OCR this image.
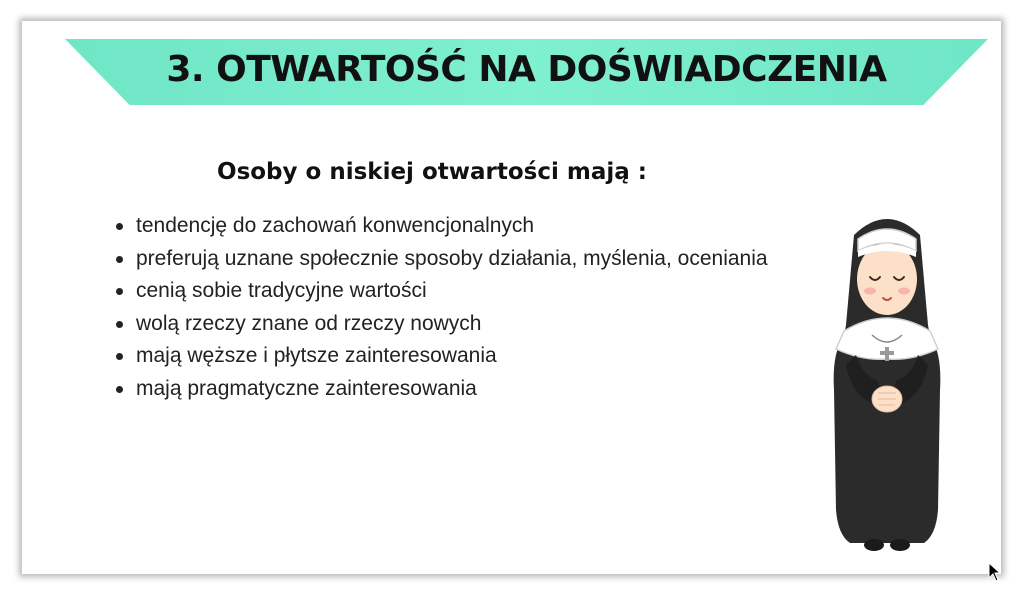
3. OTWARTOŚĆ NA DOŚWIADCZENIA
Osoby o niskiej otwartości mają :
tendencję do zachowań konwencjonalnych
preferują uznane społecznie sposoby działania, myślenia, oceniania
cenią sobie tradycyjne wartości
wolą rzeczy znane od rzeczy nowych
mają węższe i płytsze zainteresowania
mają pragmatyczne zainteresowania
